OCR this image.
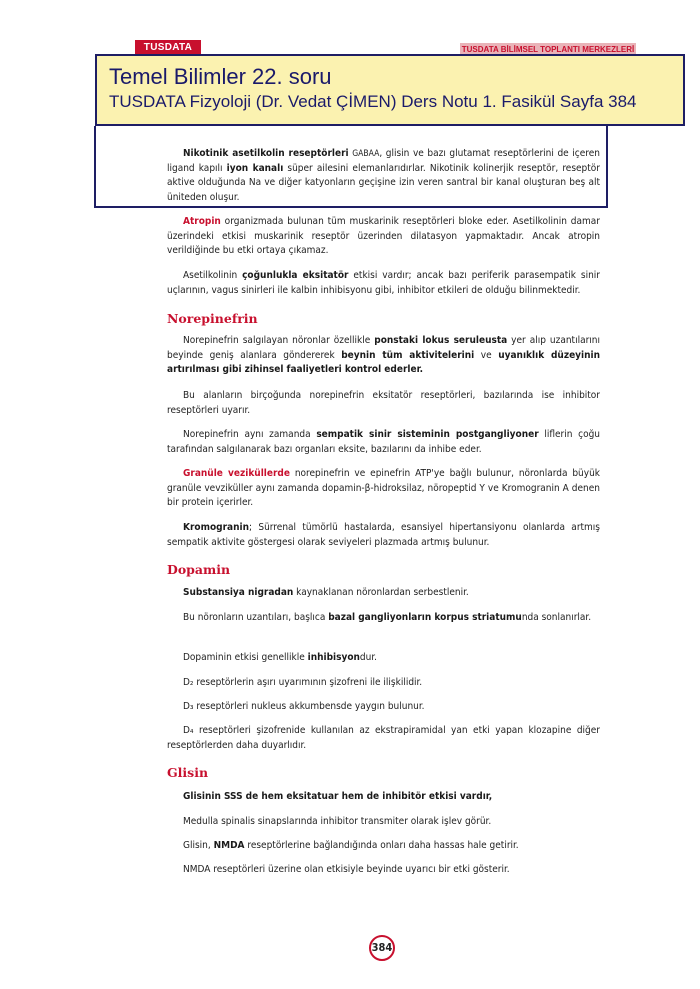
TUSDATA BİLİMSEL TOPLANTI MERKEZLERİ
TUSDATA
Temel Bilimler 22. soru
TUSDATA Fizyoloji (Dr. Vedat ÇİMEN) Ders Notu 1. Fasikül Sayfa 384

Nikotinik asetilkolin reseptörleri GABAA, glisin ve bazı glutamat reseptörlerini de içeren ligand kapılı iyon kanalı süper ailesini elemanlarıdırlar. Nikotinik kolinerjik reseptör, reseptör aktive olduğunda Na ve diğer katyonların geçişine izin veren santral bir kanal oluşturan beş alt üniteden oluşur.

Atropin organizmada bulunan tüm muskarinik reseptörleri bloke eder. Asetilkolinin damar üzerindeki etkisi muskarinik reseptör üzerinden dilatasyon yapmaktadır. Ancak atropin verildiğinde bu etki ortaya çıkamaz.

Asetilkolinin çoğunlukla eksitatör etkisi vardır; ancak bazı periferik parasempatik sinir uçlarının, vagus sinirleri ile kalbin inhibisyonu gibi, inhibitor etkileri de olduğu bilinmektedir.

Norepinefrin

Norepinefrin salgılayan nöronlar özellikle ponstaki lokus seruleusta yer alıp uzantılarını beyinde geniş alanlara göndererek beynin tüm aktivitelerini ve uyanıklık düzeyinin artırılması gibi zihinsel faaliyetleri kontrol ederler.

Bu alanların birçoğunda norepinefrin eksitatör reseptörleri, bazılarında ise inhibitor reseptörleri uyarır.

Norepinefrin aynı zamanda sempatik sinir sisteminin postgangliyoner liflerin çoğu tarafından salgılanarak bazı organları eksite, bazılarını da inhibe eder.

Granüle veziküllerde norepinefrin ve epinefrin ATP'ye bağlı bulunur, nöronlarda büyük granüle vevziküller aynı zamanda dopamin-β-hidroksilaz, nöropeptid Y ve Kromogranin A denen bir protein içerirler.

Kromogranin; Sürrenal tümörlü hastalarda, esansiyel hipertansiyonu olanlarda artmış sempatik aktivite göstergesi olarak seviyeleri plazmada artmış bulunur.

Dopamin

Substansiya nigradan kaynaklanan nöronlardan serbestlenir.

Bu nöronların uzantıları, başlıca bazal gangliyonların korpus striatumunda sonlanırlar.

Dopaminin etkisi genellikle inhibisyondur.

D₂ reseptörlerin aşırı uyarımının şizofreni ile ilişkilidir.

D₃ reseptörleri nukleus akkumbensde yaygın bulunur.

D₄ reseptörleri şizofrenide kullanılan az ekstrapiramidal yan etki yapan klozapine diğer reseptörlerden daha duyarlıdır.

Glisin

Glisinin SSS de hem eksitatuar hem de inhibitör etkisi vardır,

Medulla spinalis sinapslarında inhibitor transmiter olarak işlev görür.

Glisin, NMDA reseptörlerine bağlandığında onları daha hassas hale getirir.

NMDA reseptörleri üzerine olan etkisiyle beyinde uyarıcı bir etki gösterir.

384
